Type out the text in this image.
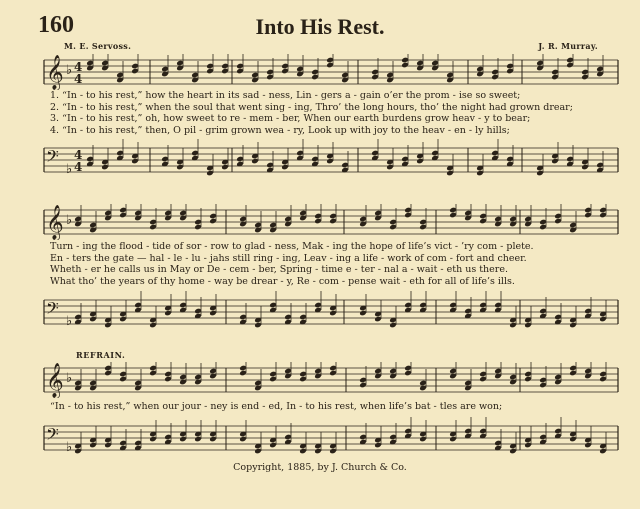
160	Into His Rest.
M. E. Servoss.	J. R. Murray.
𝄞 ♭ 4
4
1. “In - to his rest,” how the heart in its sad - ness, Lin - gers a - gain o’er the prom - ise so sweet;
2. “In - to his rest,” when the soul that went sing - ing, Thro’ the long hours, tho’ the night had grown drear;
3. “In - to his rest,” oh, how sweet to re - mem - ber, When our earth burdens grow heav - y to bear;
4. “In - to his rest,” then, O pil - grim grown wea - ry, Look up with joy to the heav - en - ly hills;
𝄢 ♭
4
4
𝄞 ♭
Turn - ing the flood - tide of sor - row to glad - ness, Mak - ing the hope of life’s vict - ’ry com - plete.
En - ters the gate — hal - le - lu - jahs still ring - ing, Leav - ing a life - work of com - fort and cheer.
Wheth - er he calls us in May or De - cem - ber, Spring - time e - ter - nal a - wait - eth us there.
What tho’ the years of thy home - way be drear - y, Re - com - pense wait - eth for all of life’s ills.
𝄢 ♭
REFRAIN.
𝄞 ♭
“In - to his rest,” when our jour - ney is end - ed, In - to his rest, when life’s bat - tles are won;
𝄢 ♭
Copyright, 1885, by J. Church & Co.
